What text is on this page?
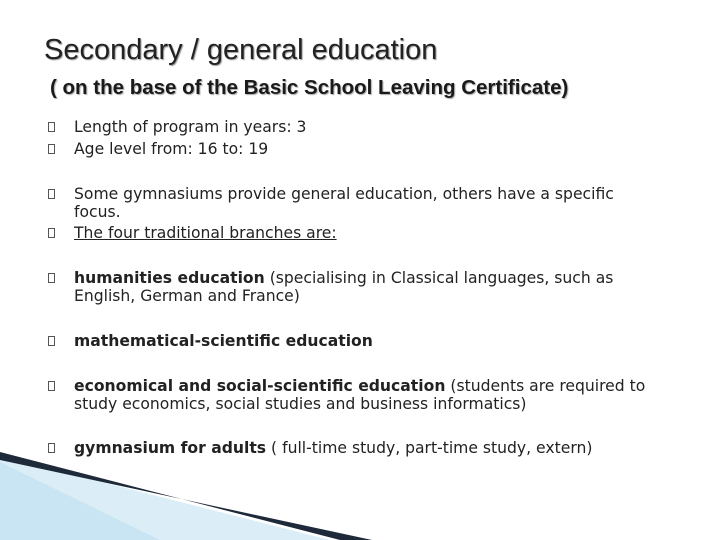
Secondary / general education
( on the base of the Basic School Leaving Certificate)
Length of program in years: 3
Age level from: 16 to: 19
Some gymnasiums provide general education, others have a specific focus.
The four traditional branches are:
humanities education (specialising in Classical languages, such as English, German and France)
mathematical-scientific education
economical and social-scientific education (students are required to study economics, social studies and business informatics)
gymnasium for adults ( full-time study, part-time study, extern)
